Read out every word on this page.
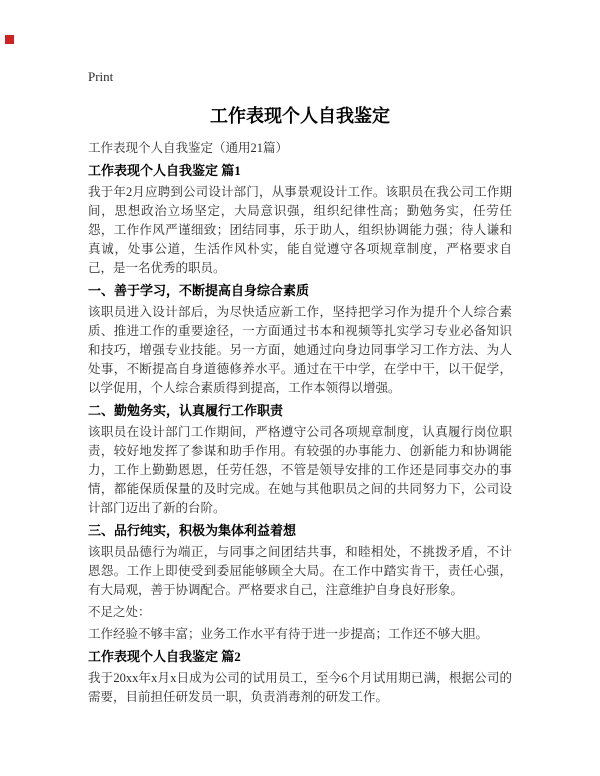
Print
工作表现个人自我鉴定

工作表现个人自我鉴定（通用21篇）

工作表现个人自我鉴定 篇1

我于年2月应聘到公司设计部门，从事景观设计工作。该职员在我公司工作期间，思想政治立场坚定，大局意识强，组织纪律性高；勤勉务实，任劳任怨，工作作风严谨细致；团结同事，乐于助人，组织协调能力强；待人谦和真诚，处事公道，生活作风朴实，能自觉遵守各项规章制度，严格要求自己，是一名优秀的职员。

一、善于学习，不断提高自身综合素质

该职员进入设计部后，为尽快适应新工作，坚持把学习作为提升个人综合素质、推进工作的重要途径，一方面通过书本和视频等扎实学习专业必备知识和技巧，增强专业技能。另一方面，她通过向身边同事学习工作方法、为人处事，不断提高自身道德修养水平。通过在干中学，在学中干，以干促学，以学促用，个人综合素质得到提高，工作本领得以增强。

二、勤勉务实，认真履行工作职责

该职员在设计部门工作期间，严格遵守公司各项规章制度，认真履行岗位职责，较好地发挥了参谋和助手作用。有较强的办事能力、创新能力和协调能力，工作上勤勤恩恩，任劳任怨，不管是领导安排的工作还是同事交办的事情，都能保质保量的及时完成。在她与其他职员之间的共同努力下，公司设计部门迈出了新的台阶。

三、品行纯实，积极为集体利益着想

该职员品德行为端正，与同事之间团结共事，和睦相处，不挑拨矛盾，不计恩怨。工作上即使受到委屈能够顾全大局。在工作中踏实肯干，责任心强，有大局观，善于协调配合。严格要求自己，注意维护自身良好形象。

不足之处：

工作经验不够丰富；业务工作水平有待于进一步提高；工作还不够大胆。

工作表现个人自我鉴定 篇2

我于20xx年x月x日成为公司的试用员工，至今6个月试用期已满，根据公司的需要，目前担任研发员一职，负责消毒剂的研发工作。
